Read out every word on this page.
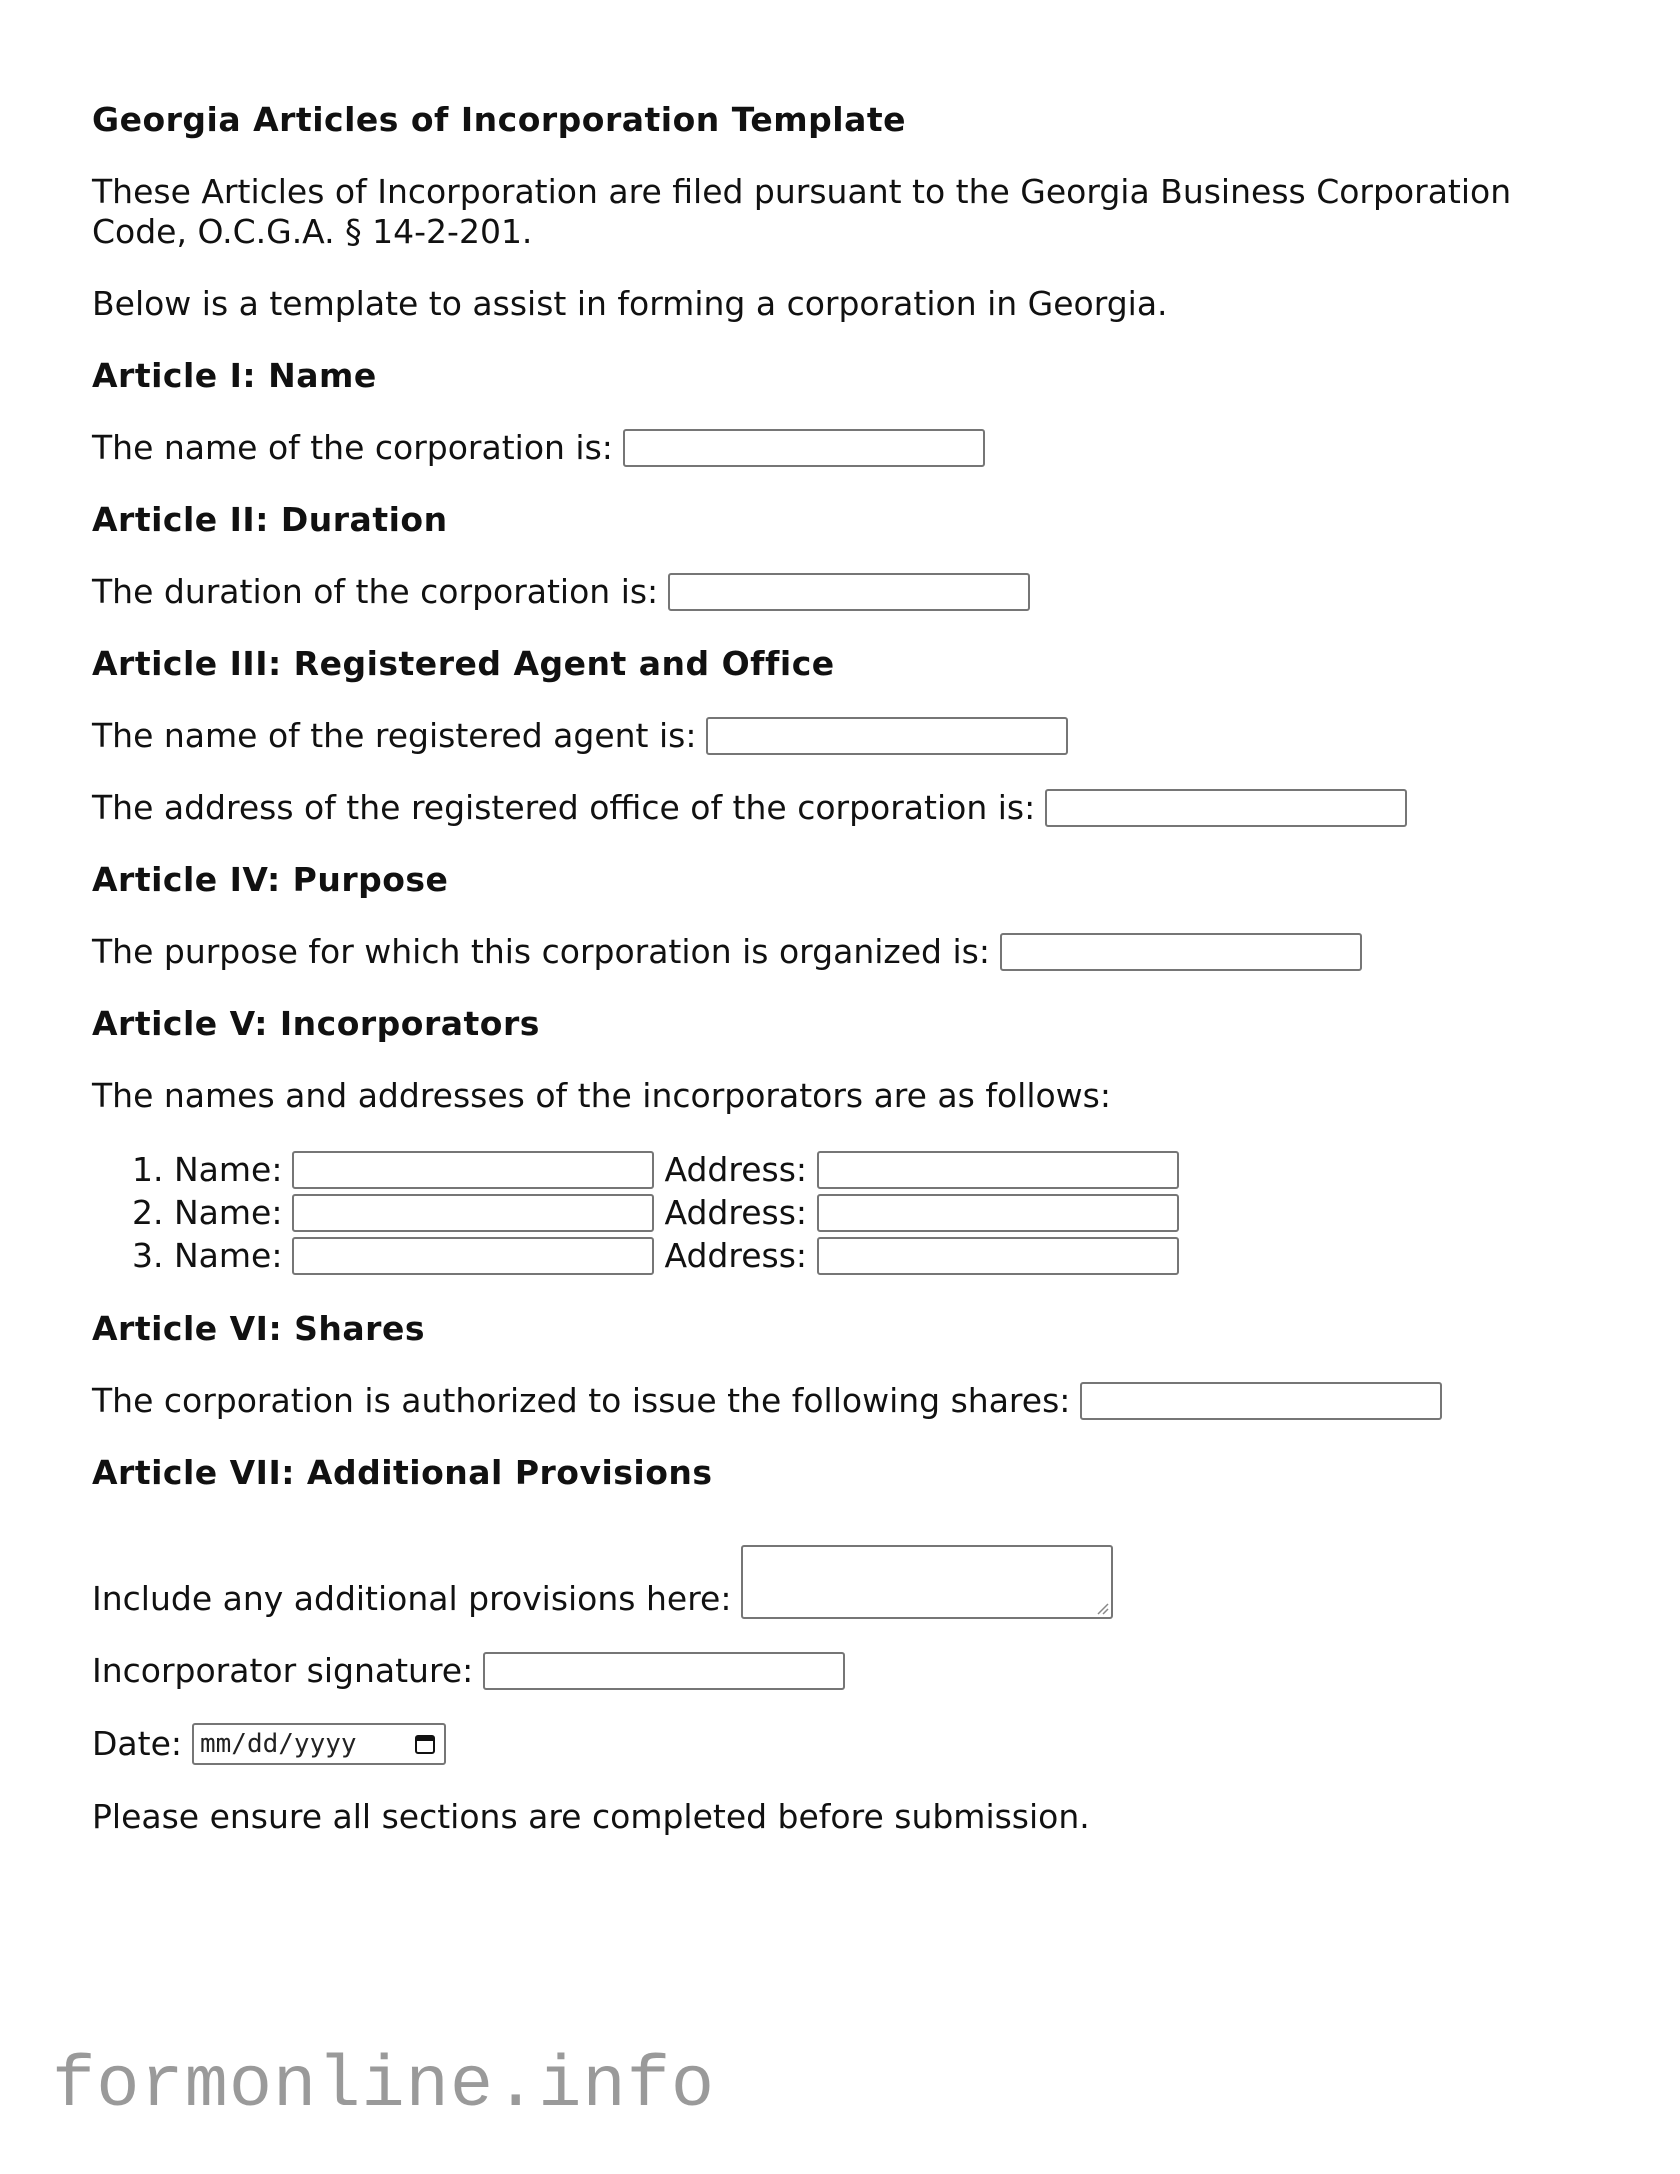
Georgia Articles of Incorporation Template

These Articles of Incorporation are filed pursuant to the Georgia Business Corporation Code, O.C.G.A. § 14-2-201.

Below is a template to assist in forming a corporation in Georgia.

Article I: Name
The name of the corporation is:
Article II: Duration
The duration of the corporation is:
Article III: Registered Agent and Office
The name of the registered agent is:
The address of the registered office of the corporation is:
Article IV: Purpose
The purpose for which this corporation is organized is:
Article V: Incorporators

The names and addresses of the incorporators are as follows:

1.
Name:	Address:
2.
Name:	Address:
3.
Name:	Address:
Article VI: Shares
The corporation is authorized to issue the following shares:
Article VII: Additional Provisions
Include any additional provisions here:
Incorporator signature:
Date: mm/dd/yyyy

Please ensure all sections are completed before submission.

formonline.info
